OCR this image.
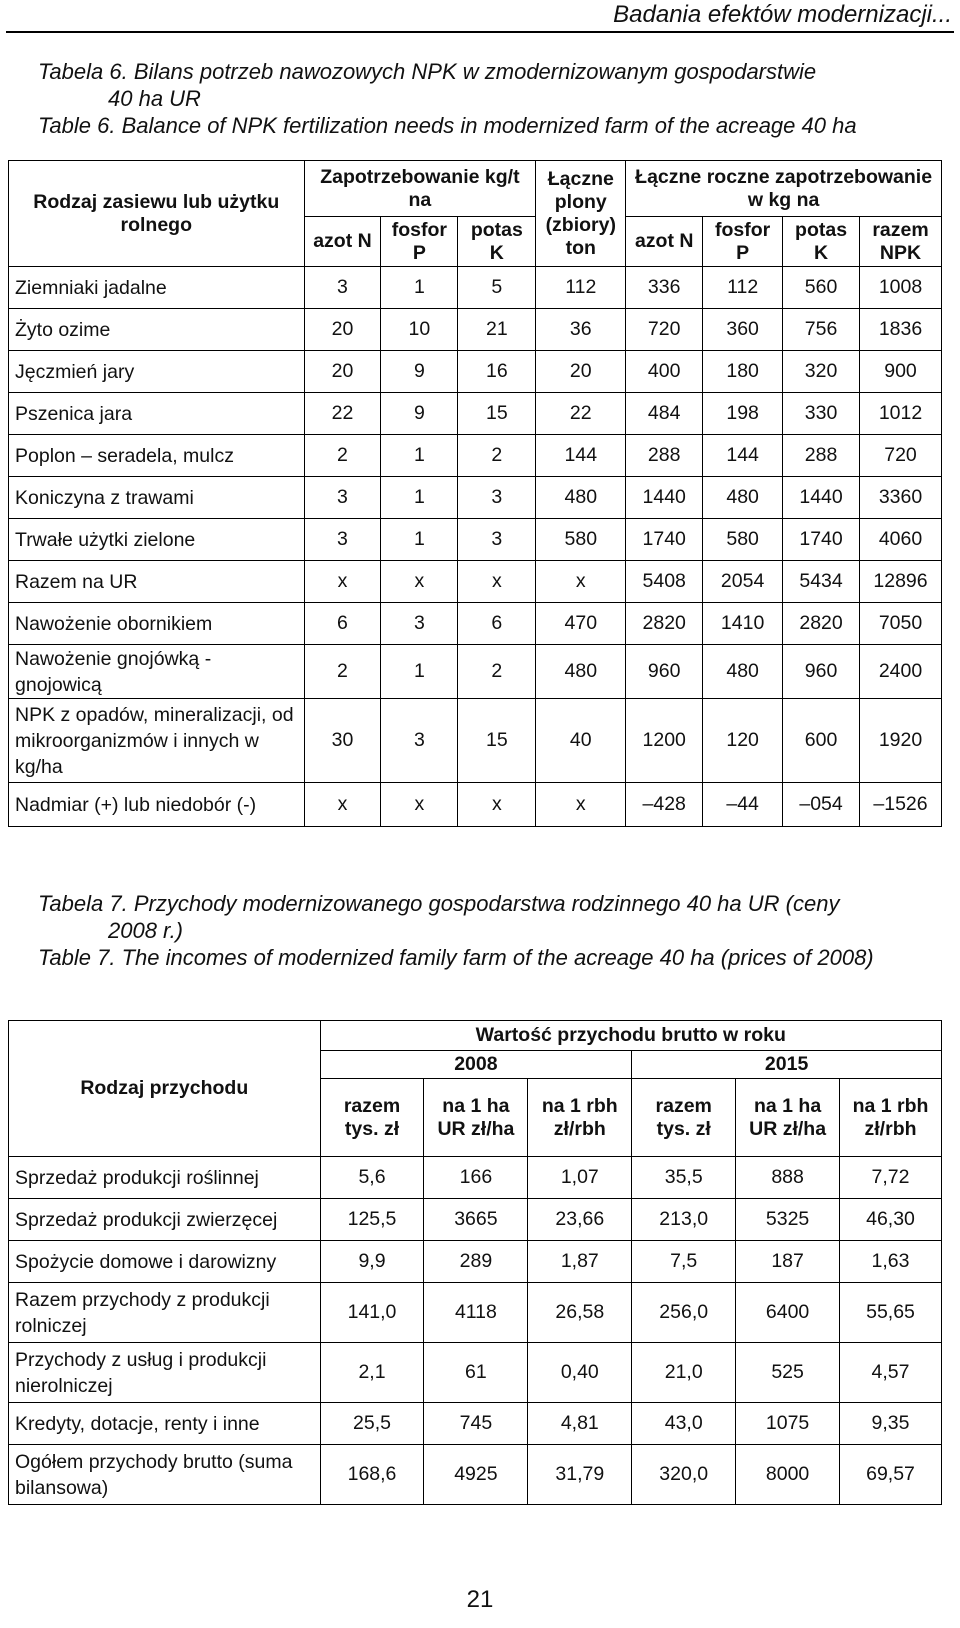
Badania efektów modernizacji...
Tabela 6. Bilans potrzeb nawozowych NPK w zmodernizowanym gospodarstwie
40 ha UR
Table 6. Balance of NPK fertilization needs in modernized farm of the acreage 40 ha
Rodzaj zasiewu lub użytku rolnego	Zapotrzebowanie kg/t na			Łączne plony (zbiory) ton	Łączne roczne zapotrzebowanie w kg na			
	azot N	fosfor P	potas K		azot N	fosfor P	potas K	razem NPK
Ziemniaki jadalne	3	1	5	112	336	112	560	1008
Żyto ozime	20	10	21	36	720	360	756	1836
Jęczmień jary	20	9	16	20	400	180	320	900
Pszenica jara	22	9	15	22	484	198	330	1012
Poplon – seradela, mulcz	2	1	2	144	288	144	288	720
Koniczyna z trawami	3	1	3	480	1440	480	1440	3360
Trwałe użytki zielone	3	1	3	580	1740	580	1740	4060
Razem na UR	x	x	x	x	5408	2054	5434	12896
Nawożenie obornikiem	6	3	6	470	2820	1410	2820	7050
Nawożenie gnojówką - gnojowicą	2	1	2	480	960	480	960	2400
NPK z opadów, mineralizacji, od mikroorganizmów i innych w kg/ha	30	3	15	40	1200	120	600	1920
Nadmiar (+) lub niedobór (-)	x	x	x	x	–428	–44	–054	–1526
Tabela 7. Przychody modernizowanego gospodarstwa rodzinnego 40 ha UR (ceny
2008 r.)
Table 7. The incomes of modernized family farm of the acreage 40 ha (prices of 2008)
Rodzaj przychodu	Wartość przychodu brutto w roku					
	2008			2015		
	razem tys. zł	na 1 ha UR zł/ha	na 1 rbh zł/rbh	razem tys. zł	na 1 ha UR zł/ha	na 1 rbh zł/rbh
Sprzedaż produkcji roślinnej	5,6	166	1,07	35,5	888	7,72
Sprzedaż produkcji zwierzęcej	125,5	3665	23,66	213,0	5325	46,30
Spożycie domowe i darowizny	9,9	289	1,87	7,5	187	1,63
Razem przychody z produkcji rolniczej	141,0	4118	26,58	256,0	6400	55,65
Przychody z usług i produkcji nierolniczej	2,1	61	0,40	21,0	525	4,57
Kredyty, dotacje, renty i inne	25,5	745	4,81	43,0	1075	9,35
Ogółem przychody brutto (suma bilansowa)	168,6	4925	31,79	320,0	8000	69,57
21
